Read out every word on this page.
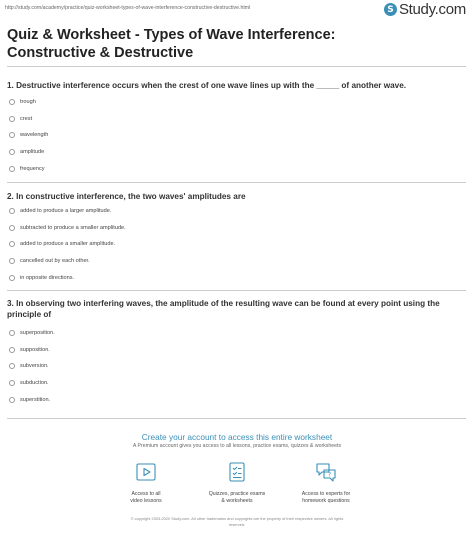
http://study.com/academy/practice/quiz-worksheet-types-of-wave-interference-constructive-destructive.html	S Study.com
Quiz & Worksheet - Types of Wave Interference:
Constructive & Destructive
1. Destructive interference occurs when the crest of one wave lines up with the _____ of another wave.
trough
crest
wavelength
amplitude
frequency
2. In constructive interference, the two waves' amplitudes are
added to produce a larger amplitude.
subtracted to produce a smaller amplitude.
added to produce a smaller amplitude.
cancelled out by each other.
in opposite directions.
3. In observing two interfering waves, the amplitude of the resulting wave can be found at every point using the
principle of
superposition.
supposition.
subversion.
subduction.
superstition.
Create your account to access this entire worksheet
A Premium account gives you access to all lessons, practice exams, quizzes & worksheets
Access to all
video lessons
Quizzes, practice exams
& worksheets
?
Access to experts for
homework questions
© copyright 2003-2020 Study.com. All other trademarks and copyrights are the property of their respective owners. All rights
reserved.
